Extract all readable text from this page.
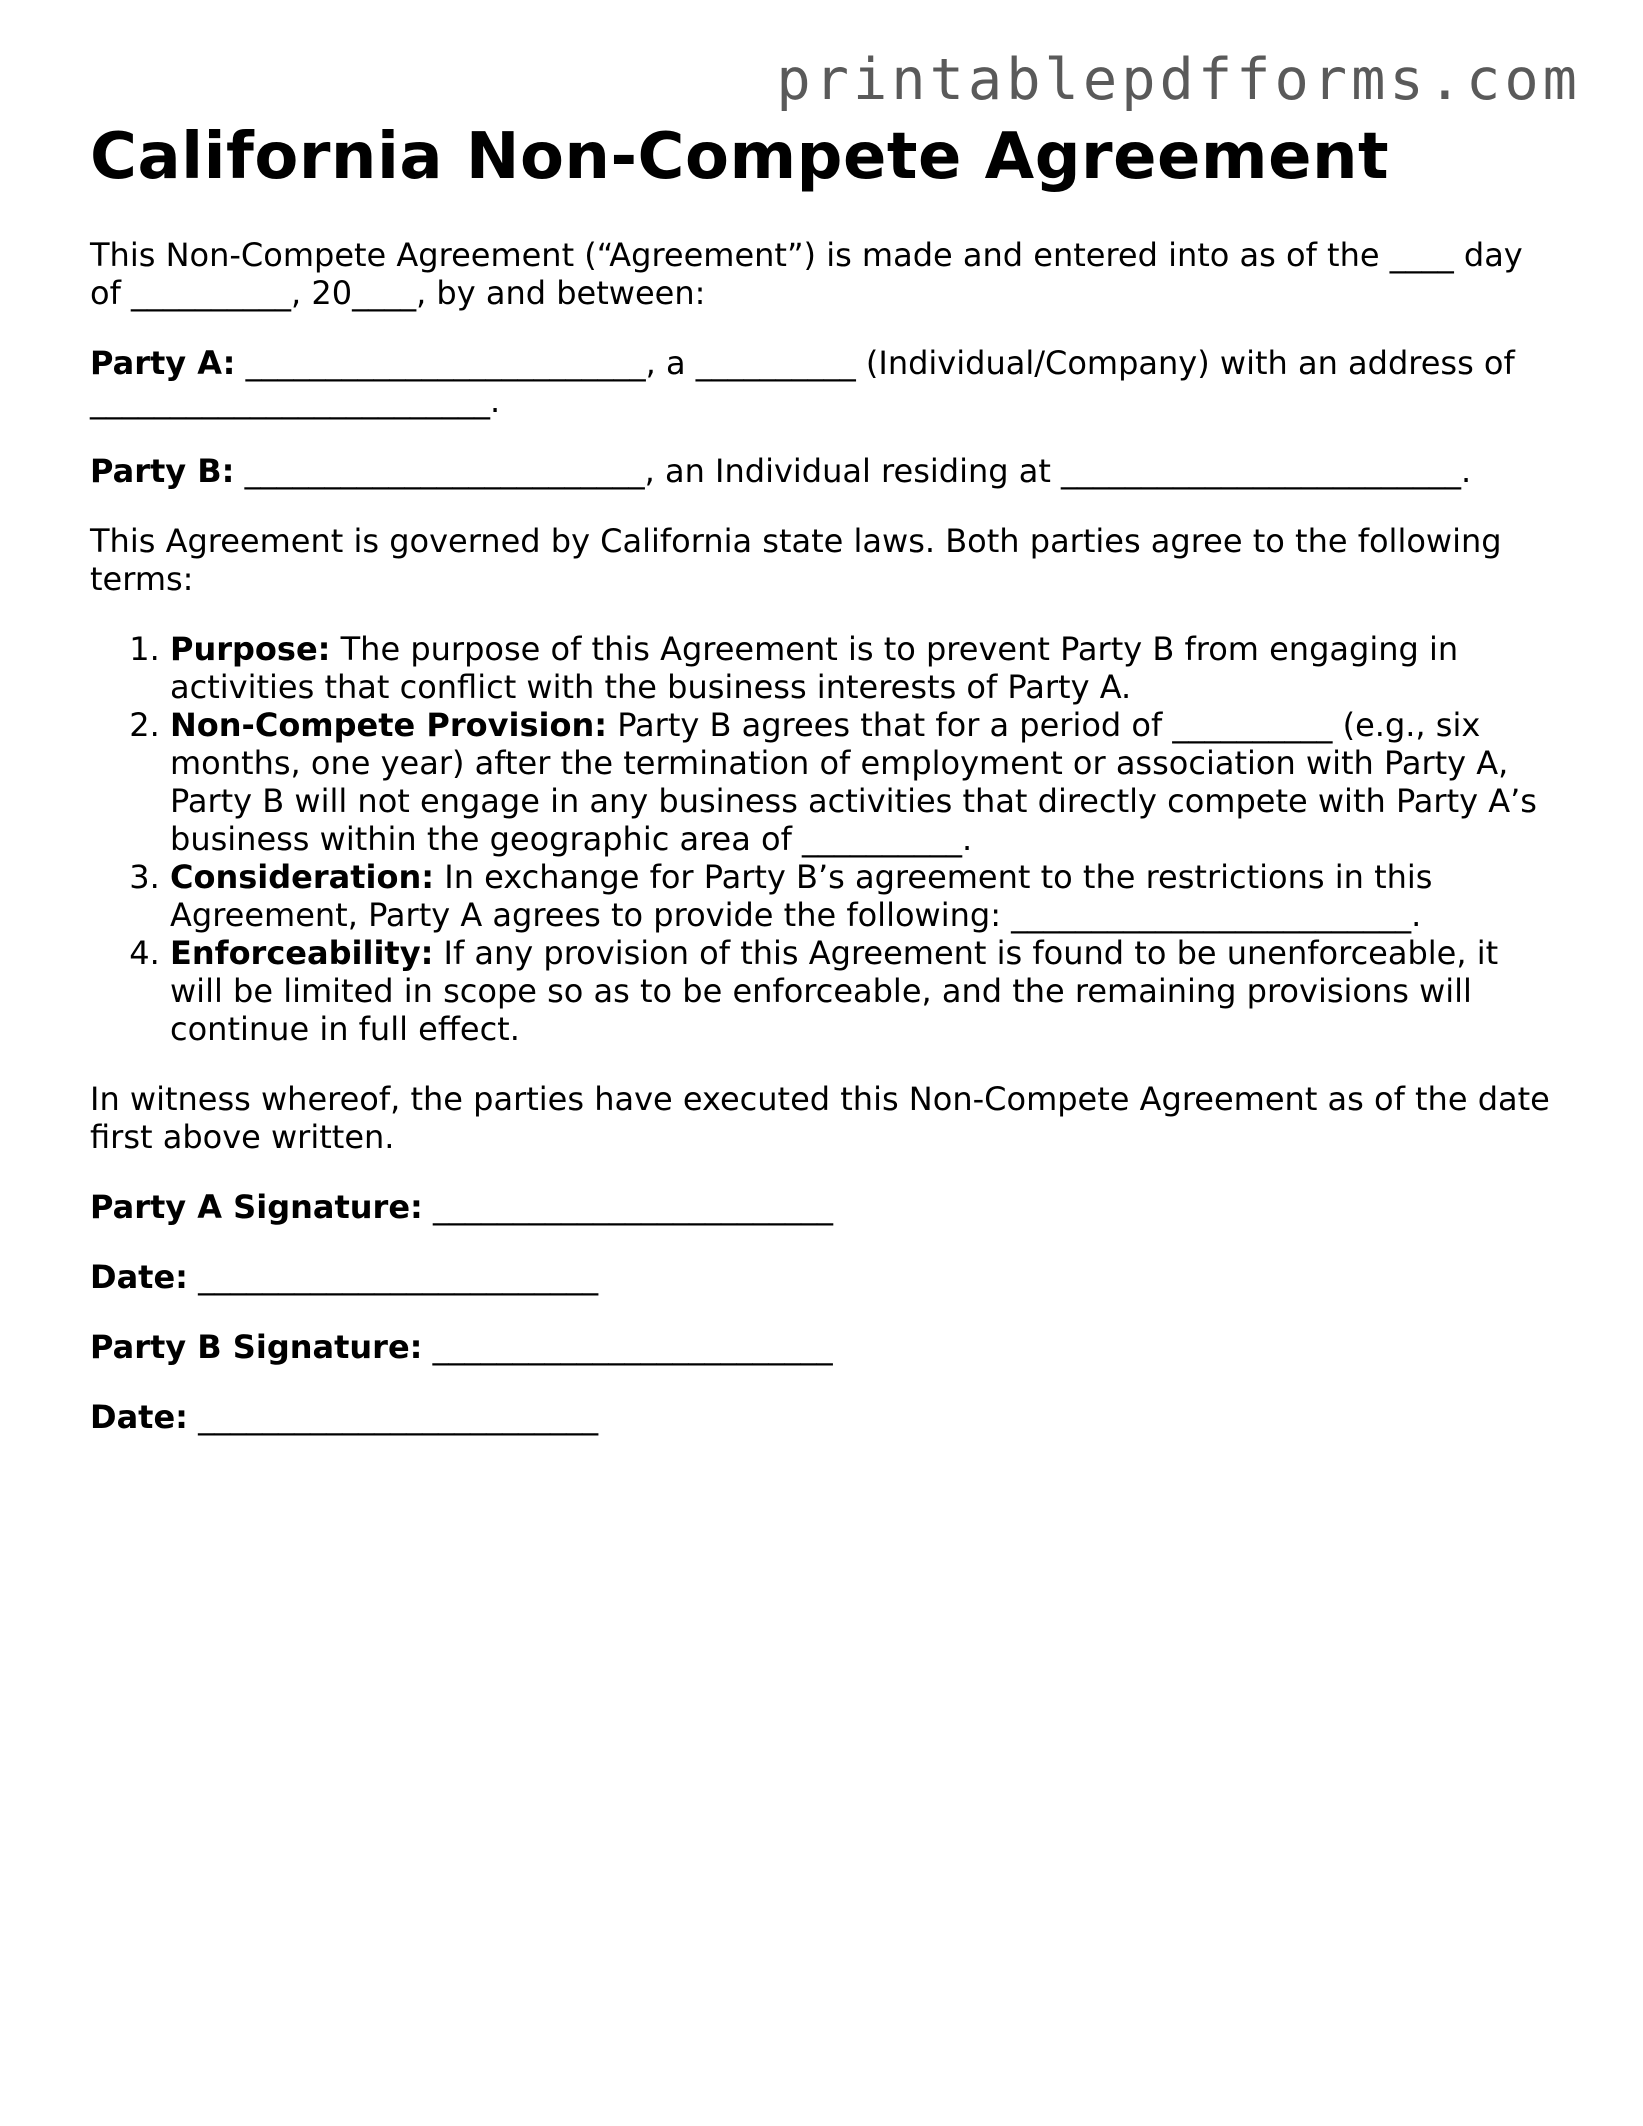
printablepdfforms.com
California Non-Compete Agreement

This Non-Compete Agreement (“Agreement”) is made and entered into as of the ____ day of __________, 20____, by and between:

Party A: _________________________, a __________ (Individual/Company) with an address of _________________________.

Party B: _________________________, an Individual residing at _________________________.

This Agreement is governed by California state laws. Both parties agree to the following terms:

1. Purpose: The purpose of this Agreement is to prevent Party B from engaging in activities that conflict with the business interests of Party A.
2. Non-Compete Provision: Party B agrees that for a period of __________ (e.g., six months, one year) after the termination of employment or association with Party A, Party B will not engage in any business activities that directly compete with Party A’s business within the geographic area of __________.
3. Consideration: In exchange for Party B’s agreement to the restrictions in this Agreement, Party A agrees to provide the following: _________________________.
4. Enforceability: If any provision of this Agreement is found to be unenforceable, it will be limited in scope so as to be enforceable, and the remaining provisions will continue in full effect.

In witness whereof, the parties have executed this Non-Compete Agreement as of the date first above written.

Party A Signature: _________________________

Date: _________________________

Party B Signature: _________________________

Date: _________________________
